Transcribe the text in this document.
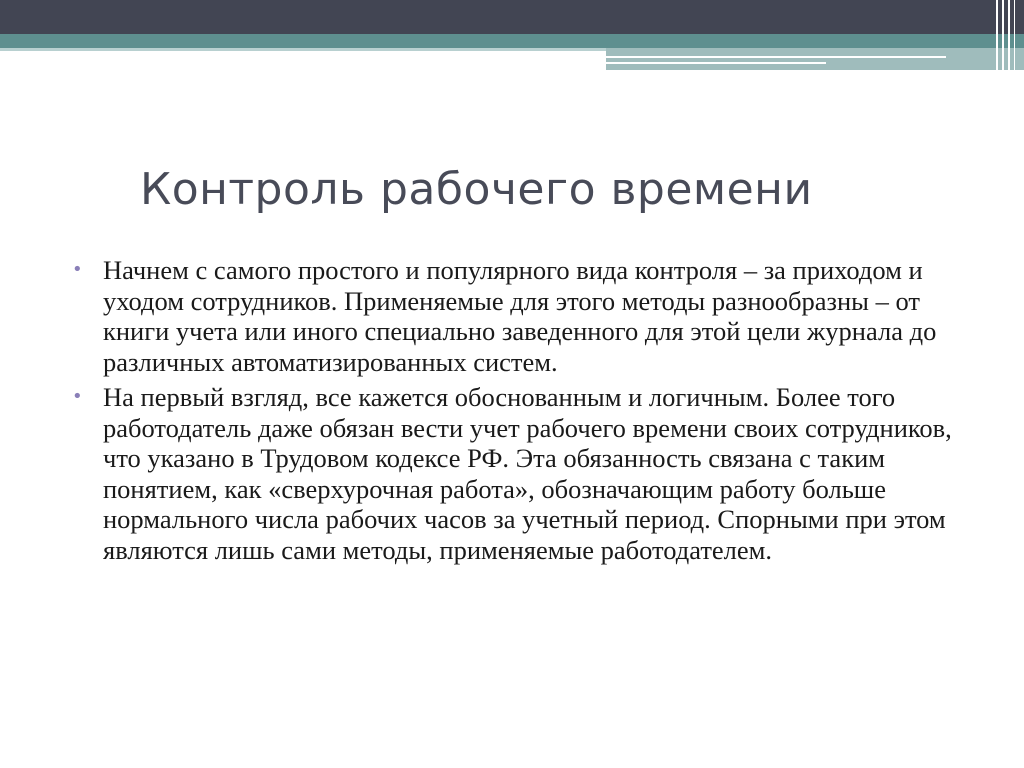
Контроль рабочего времени
• Начнем с самого простого и популярного вида контроля – за приходом и уходом сотрудников. Применяемые для этого методы разнообразны – от книги учета или иного специально заведенного для этой цели журнала до различных автоматизированных систем.
• На первый взгляд, все кажется обоснованным и логичным. Более того работодатель даже обязан вести учет рабочего времени своих сотрудников, что указано в Трудовом кодексе РФ. Эта обязанность связана с таким понятием, как «сверхурочная работа», обозначающим работу больше нормального числа рабочих часов за учетный период. Спорными при этом являются лишь сами методы, применяемые работодателем.
